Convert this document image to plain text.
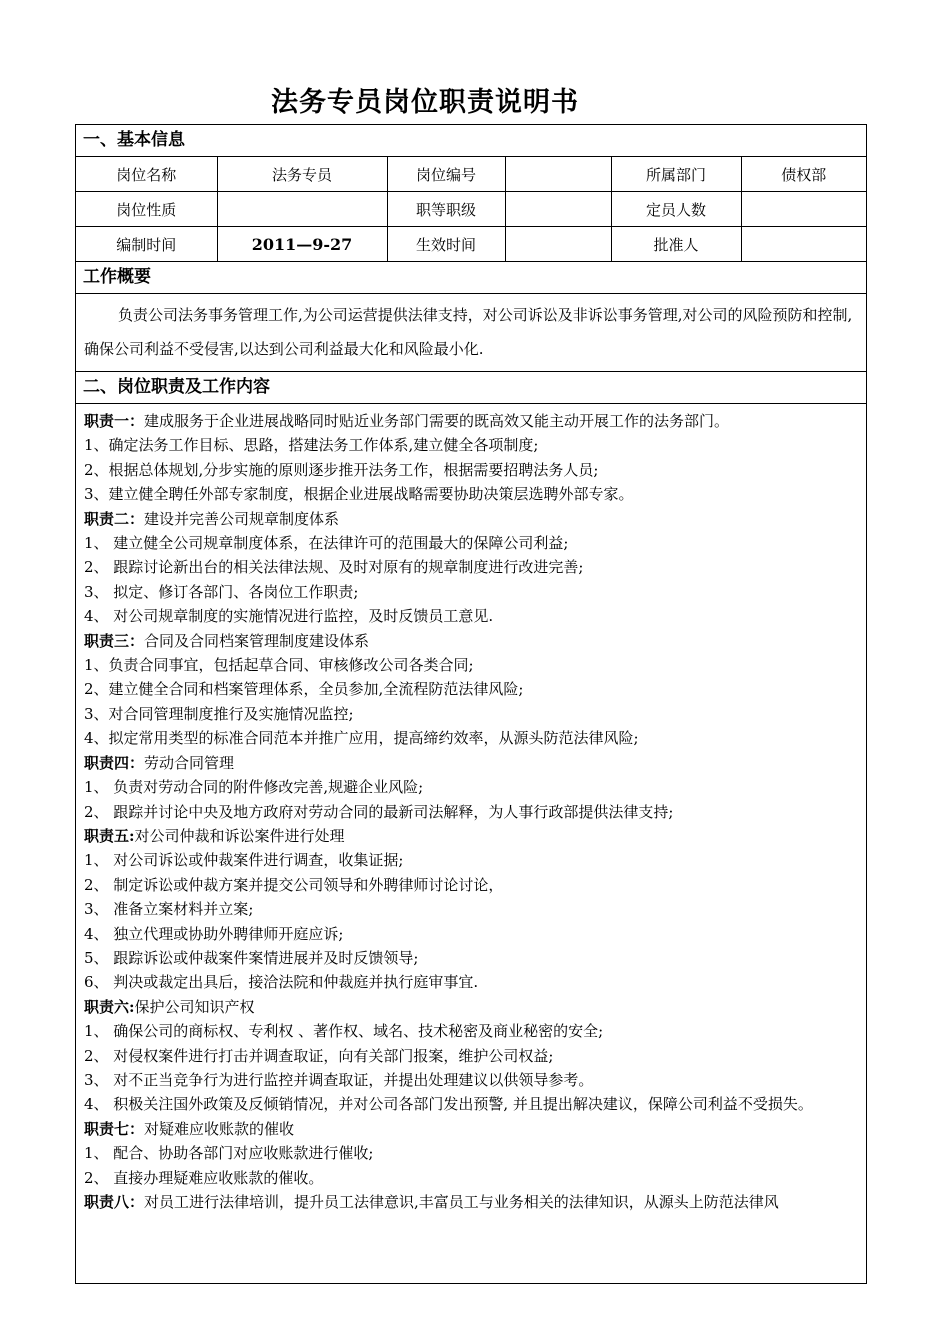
法务专员岗位职责说明书
一、基本信息
岗位名称	法务专员	岗位编号		所属部门	债权部
岗位性质		职等职级		定员人数	
编制时间	2011—9-27	生效时间		批准人	
工作概要
负责公司法务事务管理工作,为公司运营提供法律支持，对公司诉讼及非诉讼事务管理,对公司的风险预防和控制,确保公司利益不受侵害,以达到公司利益最大化和风险最小化.
二、岗位职责及工作内容
职责一：建成服务于企业进展战略同时贴近业务部门需要的既高效又能主动开展工作的法务部门。
1、确定法务工作目标、思路，搭建法务工作体系,建立健全各项制度;
2、根据总体规划,分步实施的原则逐步推开法务工作，根据需要招聘法务人员;
3、建立健全聘任外部专家制度，根据企业进展战略需要协助决策层选聘外部专家。
职责二：建设并完善公司规章制度体系
1、 建立健全公司规章制度体系，在法律许可的范围最大的保障公司利益;
2、 跟踪讨论新出台的相关法律法规、及时对原有的规章制度进行改进完善;
3、 拟定、修订各部门、各岗位工作职责;
4、 对公司规章制度的实施情况进行监控，及时反馈员工意见.
职责三：合同及合同档案管理制度建设体系
1、负责合同事宜，包括起草合同、审核修改公司各类合同;
2、建立健全合同和档案管理体系，全员参加,全流程防范法律风险;
3、对合同管理制度推行及实施情况监控;
4、拟定常用类型的标准合同范本并推广应用，提高缔约效率，从源头防范法律风险;
职责四：劳动合同管理
1、 负责对劳动合同的附件修改完善,规避企业风险;
2、 跟踪并讨论中央及地方政府对劳动合同的最新司法解释，为人事行政部提供法律支持;
职责五:对公司仲裁和诉讼案件进行处理
1、 对公司诉讼或仲裁案件进行调查，收集证据;
2、 制定诉讼或仲裁方案并提交公司领导和外聘律师讨论讨论，
3、 准备立案材料并立案;
4、 独立代理或协助外聘律师开庭应诉;
5、 跟踪诉讼或仲裁案件案情进展并及时反馈领导;
6、 判决或裁定出具后，接洽法院和仲裁庭并执行庭审事宜.
职责六:保护公司知识产权
1、 确保公司的商标权、专利权 、著作权、域名、技术秘密及商业秘密的安全;
2、 对侵权案件进行打击并调查取证，向有关部门报案，维护公司权益;
3、 对不正当竞争行为进行监控并调查取证，并提出处理建议以供领导参考。
4、 积极关注国外政策及反倾销情况，并对公司各部门发出预警, 并且提出解决建议，保障公司利益不受损失。
职责七：对疑难应收账款的催收
1、 配合、协助各部门对应收账款进行催收;
2、 直接办理疑难应收账款的催收。
职责八：对员工进行法律培训，提升员工法律意识,丰富员工与业务相关的法律知识，从源头上防范法律风
